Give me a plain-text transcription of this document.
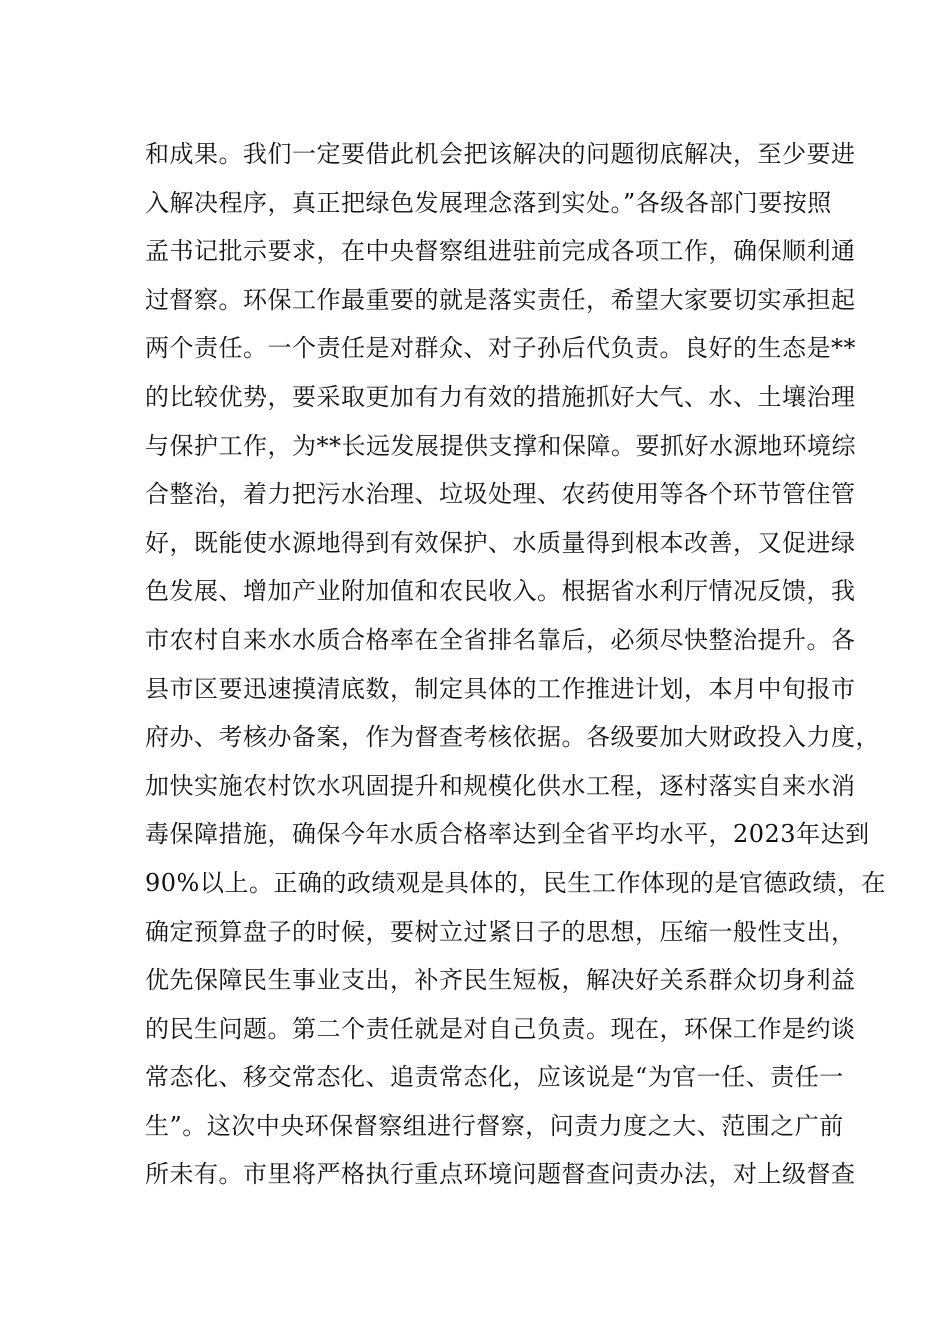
和成果。我们一定要借此机会把该解决的问题彻底解决，至少要进
入解决程序，真正把绿色发展理念落到实处。”各级各部门要按照
孟书记批示要求，在中央督察组进驻前完成各项工作，确保顺利通
过督察。环保工作最重要的就是落实责任，希望大家要切实承担起
两个责任。一个责任是对群众、对子孙后代负责。良好的生态是**
的比较优势，要采取更加有力有效的措施抓好大气、水、土壤治理
与保护工作，为**长远发展提供支撑和保障。要抓好水源地环境综
合整治，着力把污水治理、垃圾处理、农药使用等各个环节管住管
好，既能使水源地得到有效保护、水质量得到根本改善，又促进绿
色发展、增加产业附加值和农民收入。根据省水利厅情况反馈，我
市农村自来水水质合格率在全省排名靠后，必须尽快整治提升。各
县市区要迅速摸清底数，制定具体的工作推进计划，本月中旬报市
府办、考核办备案，作为督查考核依据。各级要加大财政投入力度，
加快实施农村饮水巩固提升和规模化供水工程，逐村落实自来水消
毒保障措施，确保今年水质合格率达到全省平均水平，2023年达到
90%以上。正确的政绩观是具体的，民生工作体现的是官德政绩，在
确定预算盘子的时候，要树立过紧日子的思想，压缩一般性支出，
优先保障民生事业支出，补齐民生短板，解决好关系群众切身利益
的民生问题。第二个责任就是对自己负责。现在，环保工作是约谈
常态化、移交常态化、追责常态化，应该说是“为官一任、责任一
生”。这次中央环保督察组进行督察，问责力度之大、范围之广前
所未有。市里将严格执行重点环境问题督查问责办法，对上级督查
